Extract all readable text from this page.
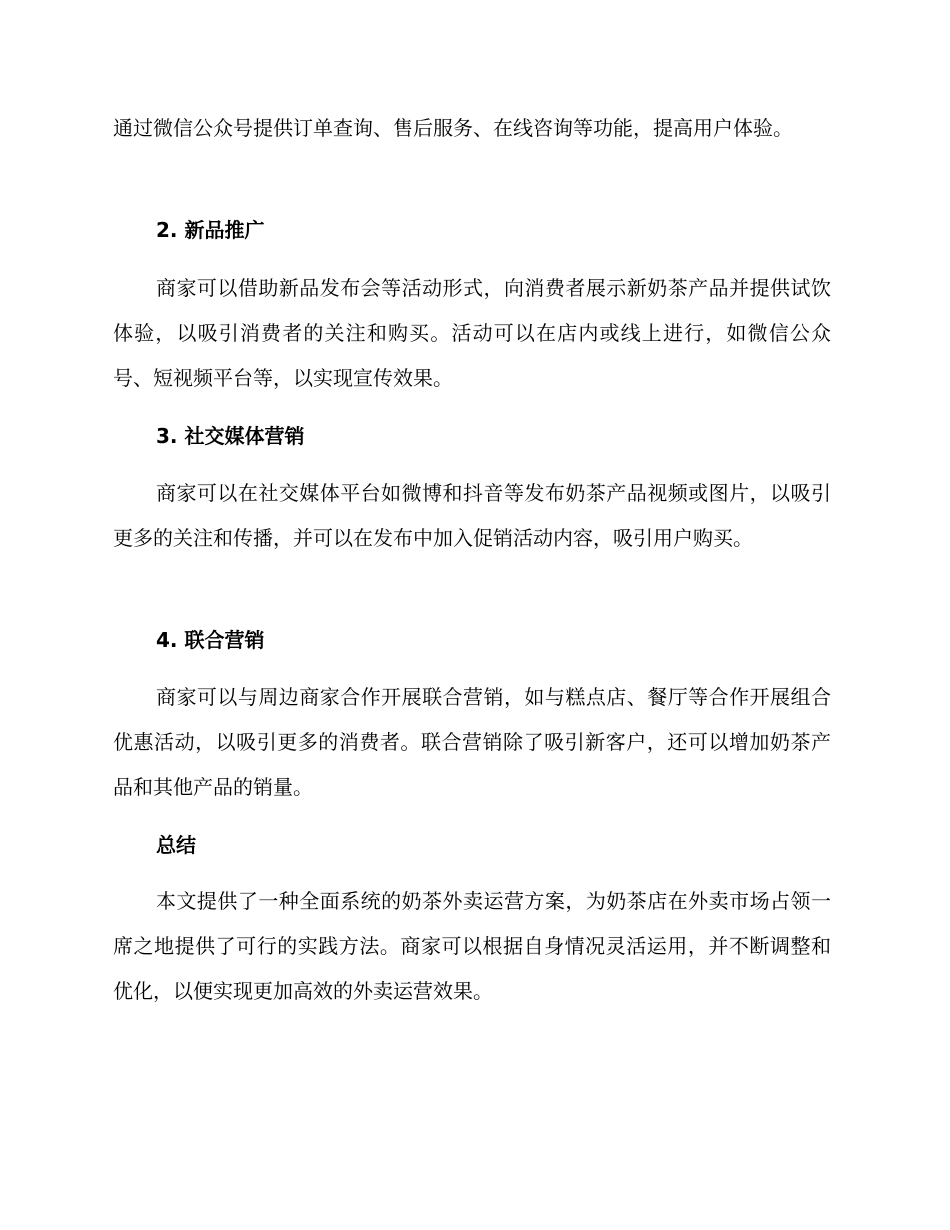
通过微信公众号提供订单查询、售后服务、在线咨询等功能，提高用户体验。

2. 新品推广

商家可以借助新品发布会等活动形式，向消费者展示新奶茶产品并提供试饮体验，以吸引消费者的关注和购买。活动可以在店内或线上进行，如微信公众号、短视频平台等，以实现宣传效果。

3. 社交媒体营销

商家可以在社交媒体平台如微博和抖音等发布奶茶产品视频或图片，以吸引更多的关注和传播，并可以在发布中加入促销活动内容，吸引用户购买。

4. 联合营销

商家可以与周边商家合作开展联合营销，如与糕点店、餐厅等合作开展组合优惠活动，以吸引更多的消费者。联合营销除了吸引新客户，还可以增加奶茶产品和其他产品的销量。

总结

本文提供了一种全面系统的奶茶外卖运营方案，为奶茶店在外卖市场占领一席之地提供了可行的实践方法。商家可以根据自身情况灵活运用，并不断调整和优化，以便实现更加高效的外卖运营效果。
